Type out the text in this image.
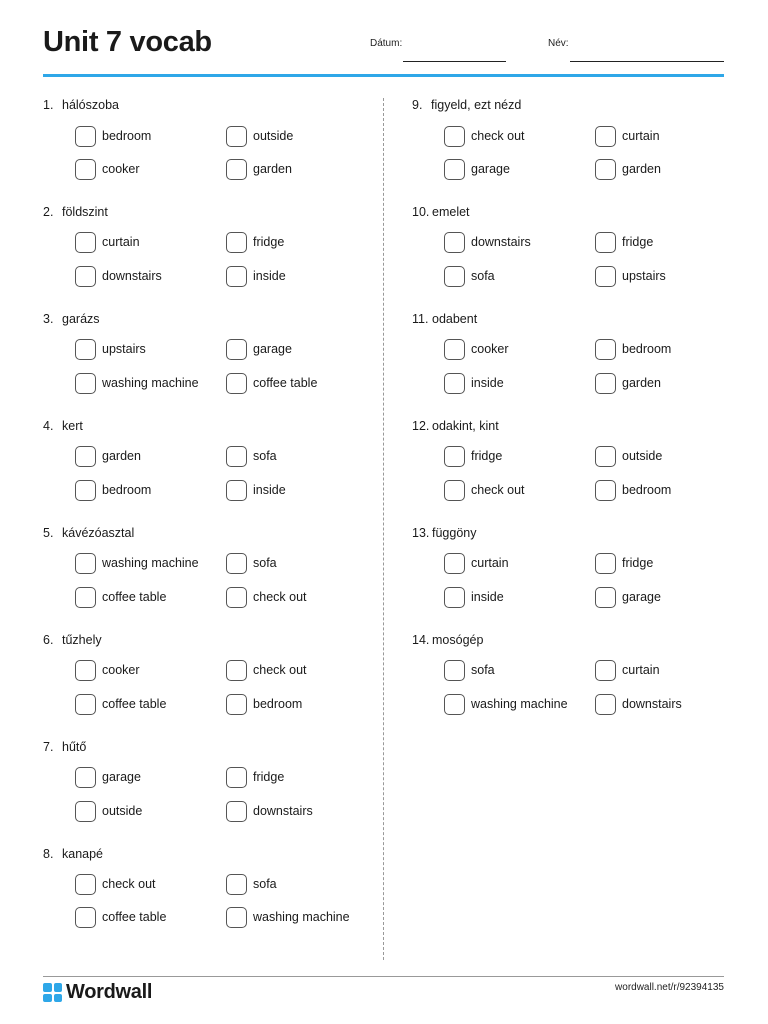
Unit 7 vocab	Dátum:	Név:
1. hálószoba
bedroom	outside
cooker	garden
2. földszint
curtain	fridge
downstairs	inside
3. garázs
upstairs	garage
washing machine	coffee table
4. kert
garden	sofa
bedroom	inside
5. kávézóasztal
washing machine	sofa
coffee table	check out
6. tűzhely
cooker	check out
coffee table	bedroom
7. hűtő
garage	fridge
outside	downstairs
8. kanapé
check out	sofa
coffee table	washing machine
9. figyeld, ezt nézd
check out	curtain
garage	garden
10. emelet
downstairs	fridge
sofa	upstairs
11. odabent
cooker	bedroom
inside	garden
12. odakint, kint
fridge	outside
check out	bedroom
13. függöny
curtain	fridge
inside	garage
14. mosógép
sofa	curtain
washing machine	downstairs
Wordwall	wordwall.net/r/92394135
